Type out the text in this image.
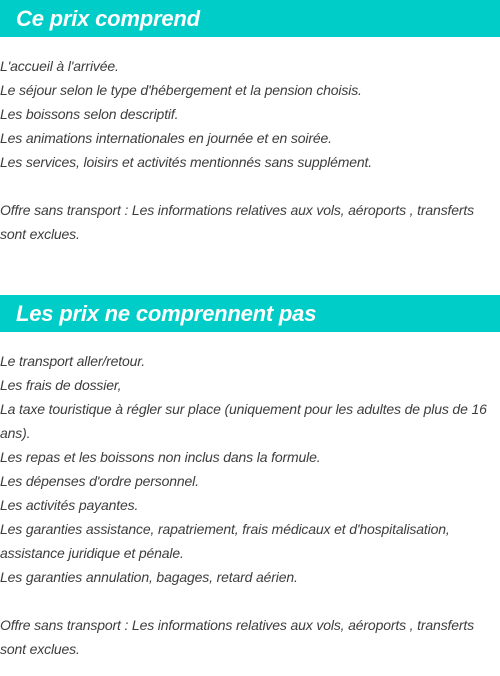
Ce prix comprend
L'accueil à l'arrivée.
Le séjour selon le type d'hébergement et la pension choisis.
Les boissons selon descriptif.
Les animations internationales en journée et en soirée.
Les services, loisirs et activités mentionnés sans supplément.
Offre sans transport : Les informations relatives aux vols, aéroports , transferts sont exclues.
Les prix ne comprennent pas
Le transport aller/retour.
Les frais de dossier,
La taxe touristique à régler sur place (uniquement pour les adultes de plus de 16 ans).
Les repas et les boissons non inclus dans la formule.
Les dépenses d'ordre personnel.
Les activités payantes.
Les garanties assistance, rapatriement, frais médicaux et d'hospitalisation, assistance juridique et pénale.
Les garanties annulation, bagages, retard aérien.
Offre sans transport : Les informations relatives aux vols, aéroports , transferts sont exclues.
